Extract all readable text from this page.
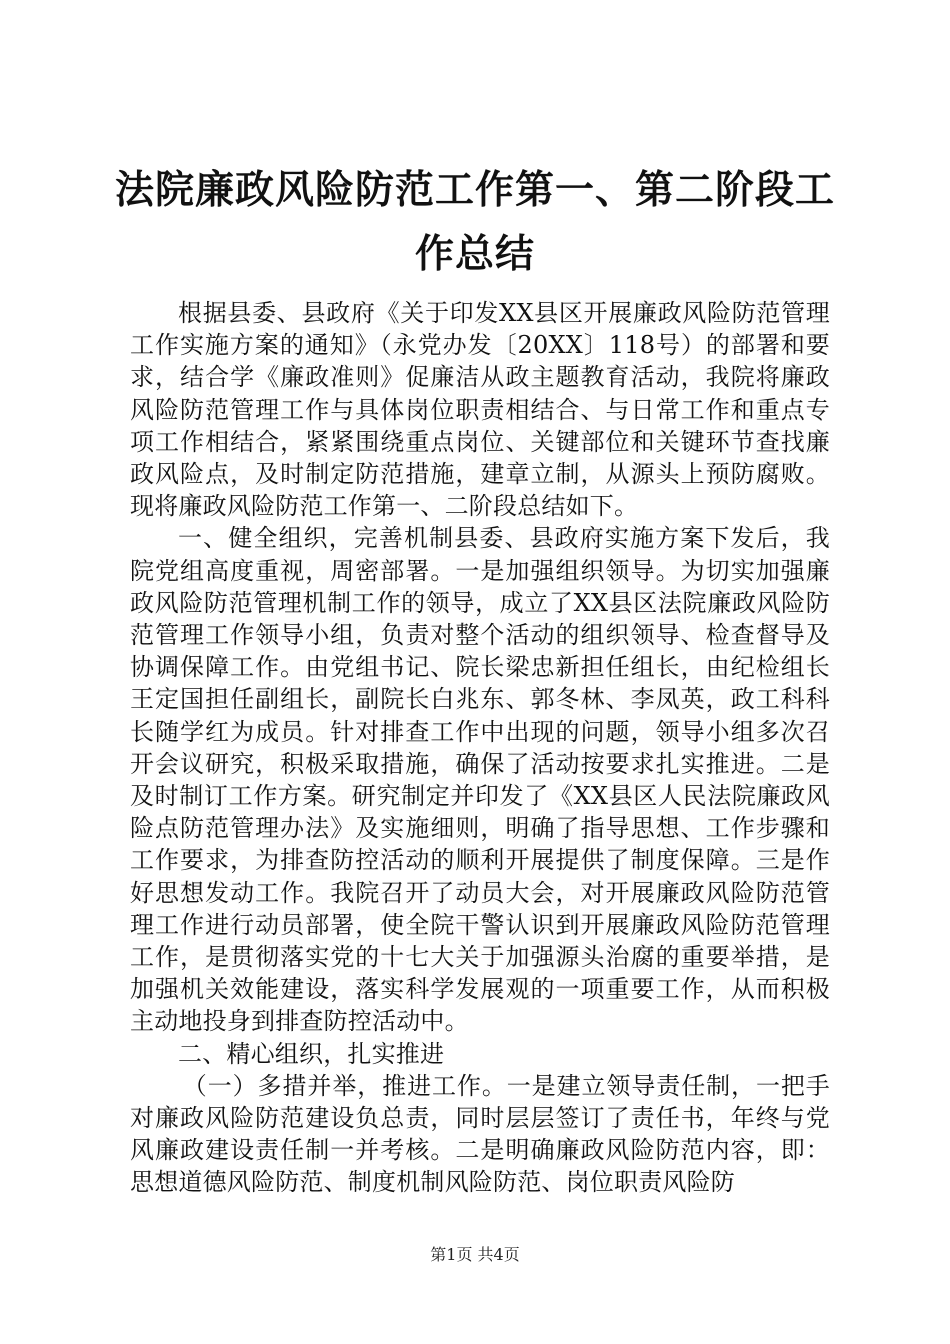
法院廉政风险防范工作第一、第二阶段工作总结

根据县委、县政府《关于印发XX县区开展廉政风险防范管理工作实施方案的通知》（永党办发〔20XX〕118号）的部署和要求，结合学《廉政准则》促廉洁从政主题教育活动，我院将廉政风险防范管理工作与具体岗位职责相结合、与日常工作和重点专项工作相结合，紧紧围绕重点岗位、关键部位和关键环节查找廉政风险点，及时制定防范措施，建章立制，从源头上预防腐败。现将廉政风险防范工作第一、二阶段总结如下。

一、健全组织，完善机制县委、县政府实施方案下发后，我院党组高度重视，周密部署。一是加强组织领导。为切实加强廉政风险防范管理机制工作的领导，成立了XX县区法院廉政风险防范管理工作领导小组，负责对整个活动的组织领导、检查督导及协调保障工作。由党组书记、院长梁忠新担任组长，由纪检组长王定国担任副组长，副院长白兆东、郭冬林、李凤英，政工科科长随学红为成员。针对排查工作中出现的问题，领导小组多次召开会议研究，积极采取措施，确保了活动按要求扎实推进。二是及时制订工作方案。研究制定并印发了《XX县区人民法院廉政风险点防范管理办法》及实施细则，明确了指导思想、工作步骤和工作要求，为排查防控活动的顺利开展提供了制度保障。三是作好思想发动工作。我院召开了动员大会，对开展廉政风险防范管理工作进行动员部署，使全院干警认识到开展廉政风险防范管理工作，是贯彻落实党的十七大关于加强源头治腐的重要举措，是加强机关效能建设，落实科学发展观的一项重要工作，从而积极主动地投身到排查防控活动中。

二、精心组织，扎实推进

（一）多措并举，推进工作。一是建立领导责任制，一把手对廉政风险防范建设负总责，同时层层签订了责任书，年终与党风廉政建设责任制一并考核。二是明确廉政风险防范内容，即：思想道德风险防范、制度机制风险防范、岗位职责风险防

第1页 共4页
